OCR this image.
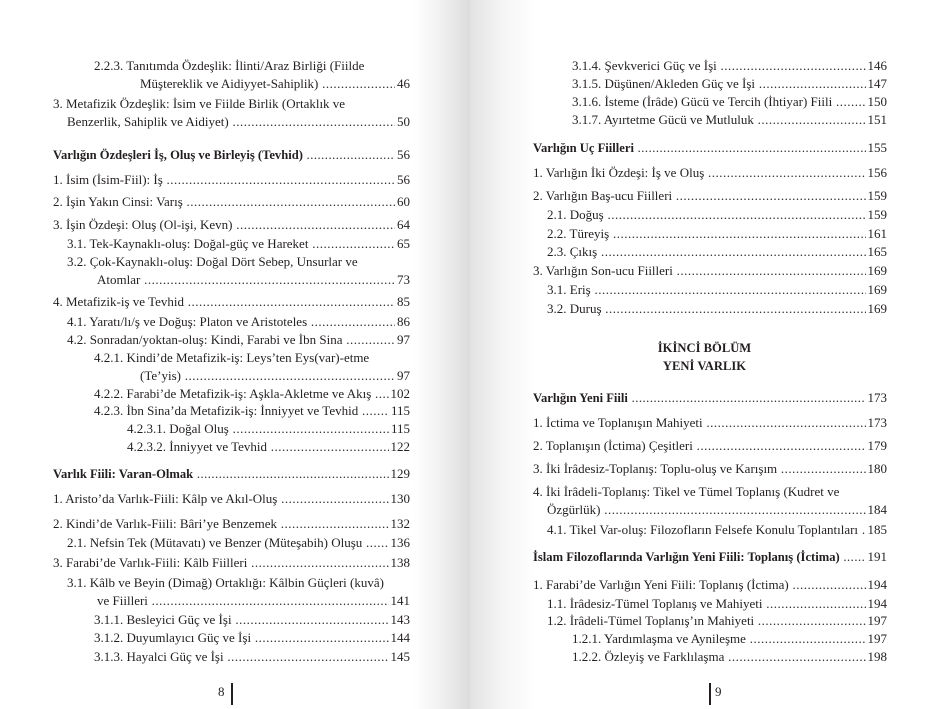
2.2.3. Tanıtımda Özdeşlik: İlinti/Araz Birliği (Fiilde
Müştereklik ve Aidiyyet-Sahiplik) .....	46
3. Metafizik Özdeşlik: İsim ve Fiilde Birlik (Ortaklık ve
Benzerlik, Sahiplik ve Aidiyet) .....	50
Varlığın Özdeşleri İş, Oluş ve Birleyiş (Tevhid) .....	56
1. İsim (İsim-Fiil): İş .....	56
2. İşin Yakın Cinsi: Varış .....	60
3. İşin Özdeşi: Oluş (Ol-işi, Kevn) .....	64
3.1. Tek-Kaynaklı-oluş: Doğal-güç ve Hareket .....	65
3.2. Çok-Kaynaklı-oluş: Doğal Dört Sebep, Unsurlar ve
Atomlar .....	73
4. Metafizik-iş ve Tevhid .....	85
4.1. Yaratı/lı/ş ve Doğuş: Platon ve Aristoteles .....	86
4.2. Sonradan/yoktan-oluş: Kindi, Farabi ve İbn Sina .....	97
4.2.1. Kindi’de Metafizik-iş: Leys’ten Eys(var)-etme
(Te’yis) .....	97
4.2.2. Farabi’de Metafizik-iş: Aşkla-Akletme ve Akış ..... 102
4.2.3. İbn Sina’da Metafizik-iş: İnniyyet ve Tevhid .....	115
4.2.3.1. Doğal Oluş .....	115
4.2.3.2. İnniyyet ve Tevhid .....	122
Varlık Fiili: Varan-Olmak .....	129
1. Aristo’da Varlık-Fiili: Kâlp ve Akıl-Oluş .....	130
2. Kindi’de Varlık-Fiili: Bâri’ye Benzemek .....	132
2.1. Nefsin Tek (Mütavatı) ve Benzer (Müteşabih) Oluşu ..... 136
3. Farabi’de Varlık-Fiili: Kâlb Fiilleri .....	138
3.1. Kâlb ve Beyin (Dimağ) Ortaklığı: Kâlbin Güçleri (kuvâ)
ve Fiilleri .....	141
3.1.1. Besleyici Güç ve İşi .....	143
3.1.2. Duyumlayıcı Güç ve İşi .....	144
3.1.3. Hayalci Güç ve İşi .....	145
8
3.1.4. Şevkverici Güç ve İşi .....	146
3.1.5. Düşünen/Akleden Güç ve İşi .....	147
3.1.6. İsteme (İrâde) Gücü ve Tercih (İhtiyar) Fiili .....	150
3.1.7. Ayırtetme Gücü ve Mutluluk .....	151
Varlığın Uç Fiilleri .....	155
1. Varlığın İki Özdeşi: İş ve Oluş .....	156
2. Varlığın Baş-ucu Fiilleri .....	159
2.1. Doğuş .....	159
2.2. Türeyiş .....	161
2.3. Çıkış .....	165
3. Varlığın Son-ucu Fiilleri .....	169
3.1. Eriş .....	169
3.2. Duruş .....	169
Varlığın Yeni Fiili .....	173
1. İctima ve Toplanışın Mahiyeti .....	173
2. Toplanışın (İctima) Çeşitleri .....	179
3. İki İrâdesiz-Toplanış: Toplu-oluş ve Karışım .....	180
4. İki İrâdeli-Toplanış: Tikel ve Tümel Toplanış (Kudret ve
Özgürlük) .....	184
4.1. Tikel Var-oluş: Filozofların Felsefe Konulu Toplantıları ..... 185
İslam Filozoflarında Varlığın Yeni Fiili: Toplanış (İctima) ..... 191
1. Farabi’de Varlığın Yeni Fiili: Toplanış (İctima) .....	194
1.1. İrâdesiz-Tümel Toplanış ve Mahiyeti .....	194
1.2. İrâdeli-Tümel Toplanış’ın Mahiyeti .....	197
1.2.1. Yardımlaşma ve Aynileşme .....	197
1.2.2. Özleyiş ve Farklılaşma .....	198
İKİNCİ BÖLÜM
YENİ VARLIK
9
